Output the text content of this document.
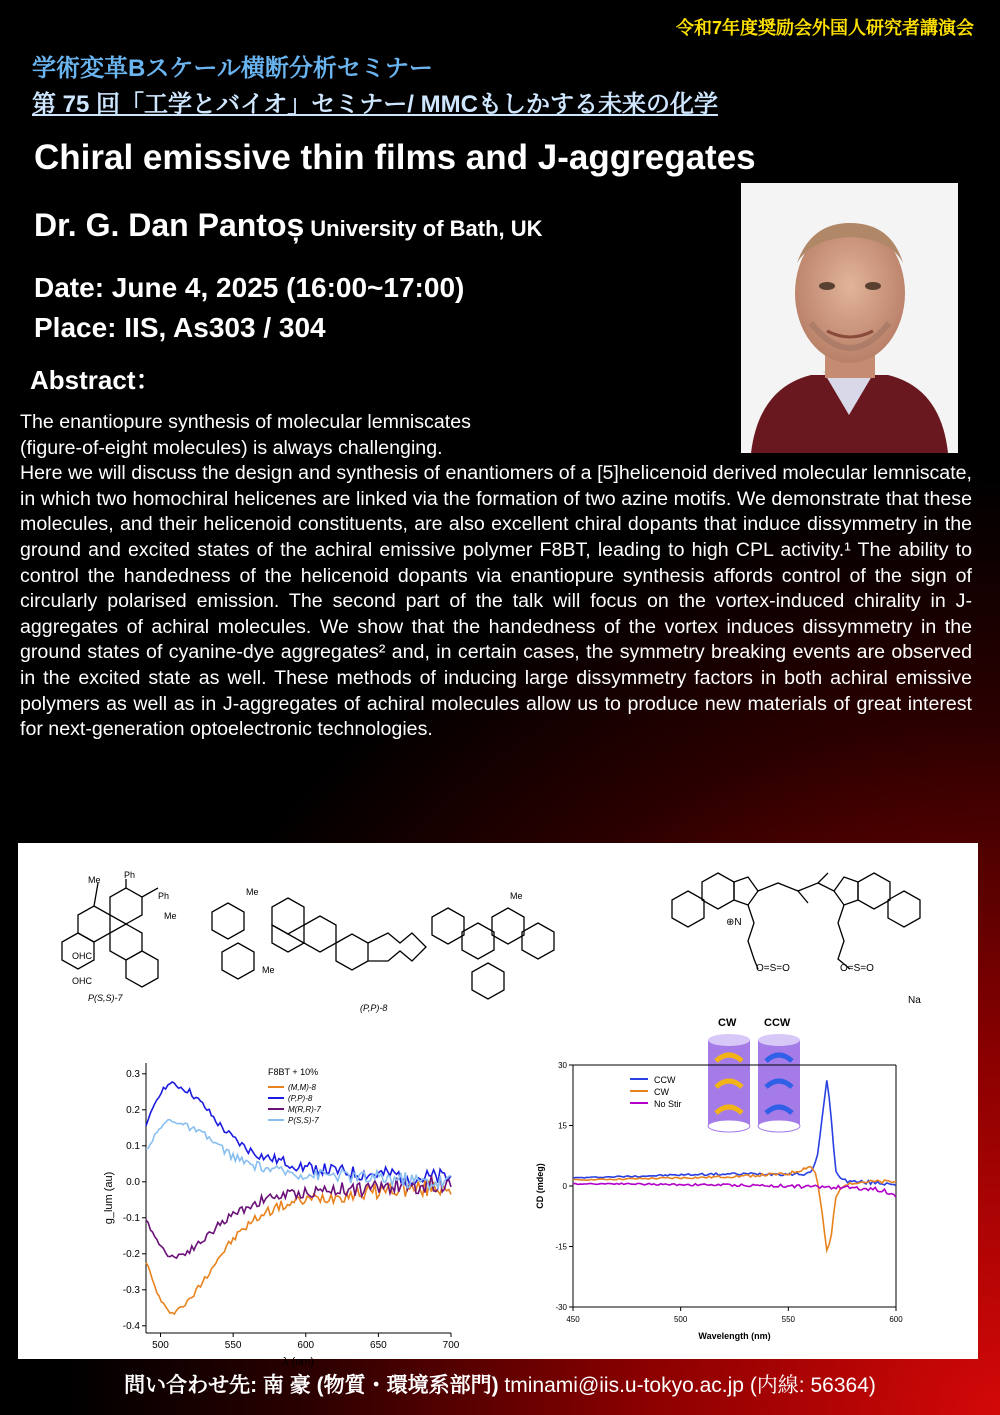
令和7年度奨励会外国人研究者講演会
学術変革Bスケール横断分析セミナー
第 75 回「工学とバイオ」セミナー/ MMCもしかする未来の化学
Chiral emissive thin films and J-aggregates
Dr. G. Dan Pantoș University of Bath, UK
Date: June 4, 2025 (16:00~17:00)
Place: IIS, As303 / 304
Abstract：
The enantiopure synthesis of molecular lemniscates
(figure-of-eight molecules) is always challenging.
Here we will discuss the design and synthesis of enantiomers of a [5]helicenoid derived molecular lemniscate, in which two homochiral helicenes are linked via the formation of two azine motifs. We demonstrate that these molecules, and their helicenoid constituents, are also excellent chiral dopants that induce dissymmetry in the ground and excited states of the achiral emissive polymer F8BT, leading to high CPL activity.¹ The ability to control the handedness of the helicenoid dopants via enantiopure synthesis affords control of the sign of circularly polarised emission. The second part of the talk will focus on the vortex-induced chirality in J-aggregates of achiral molecules. We show that the handedness of the vortex induces dissymmetry in the ground states of cyanine-dye aggregates² and, in certain cases, the symmetry breaking events are observed in the excited state as well. These methods of inducing large dissymmetry factors in both achiral emissive polymers as well as in J-aggregates of achiral molecules allow us to produce new materials of great interest for next-generation optoelectronic technologies.
OHC
OHC
Me	Ph
Ph
Me
P(S,S)-7
Me
Me
Me
(P,P)-8
⊕N
O=S=O	O=S=O
Na
CW	CCW
500	550	600	650	700
0.3
0.2
0.1
0.0
-0.1
-0.2
-0.3
-0.4
λ (nm)
g_lum (au)
F8BT + 10%
(M,M)-8
(P,P)-8
M(R,R)-7
P(S,S)-7
450	500	550	600
30
15
0
-15
-30
Wavelength (nm)
CD (mdeg)
CCW
CW
No Stir
問い合わせ先: 南 豪 (物質・環境系部門) tminami@iis.u-tokyo.ac.jp (内線: 56364)
